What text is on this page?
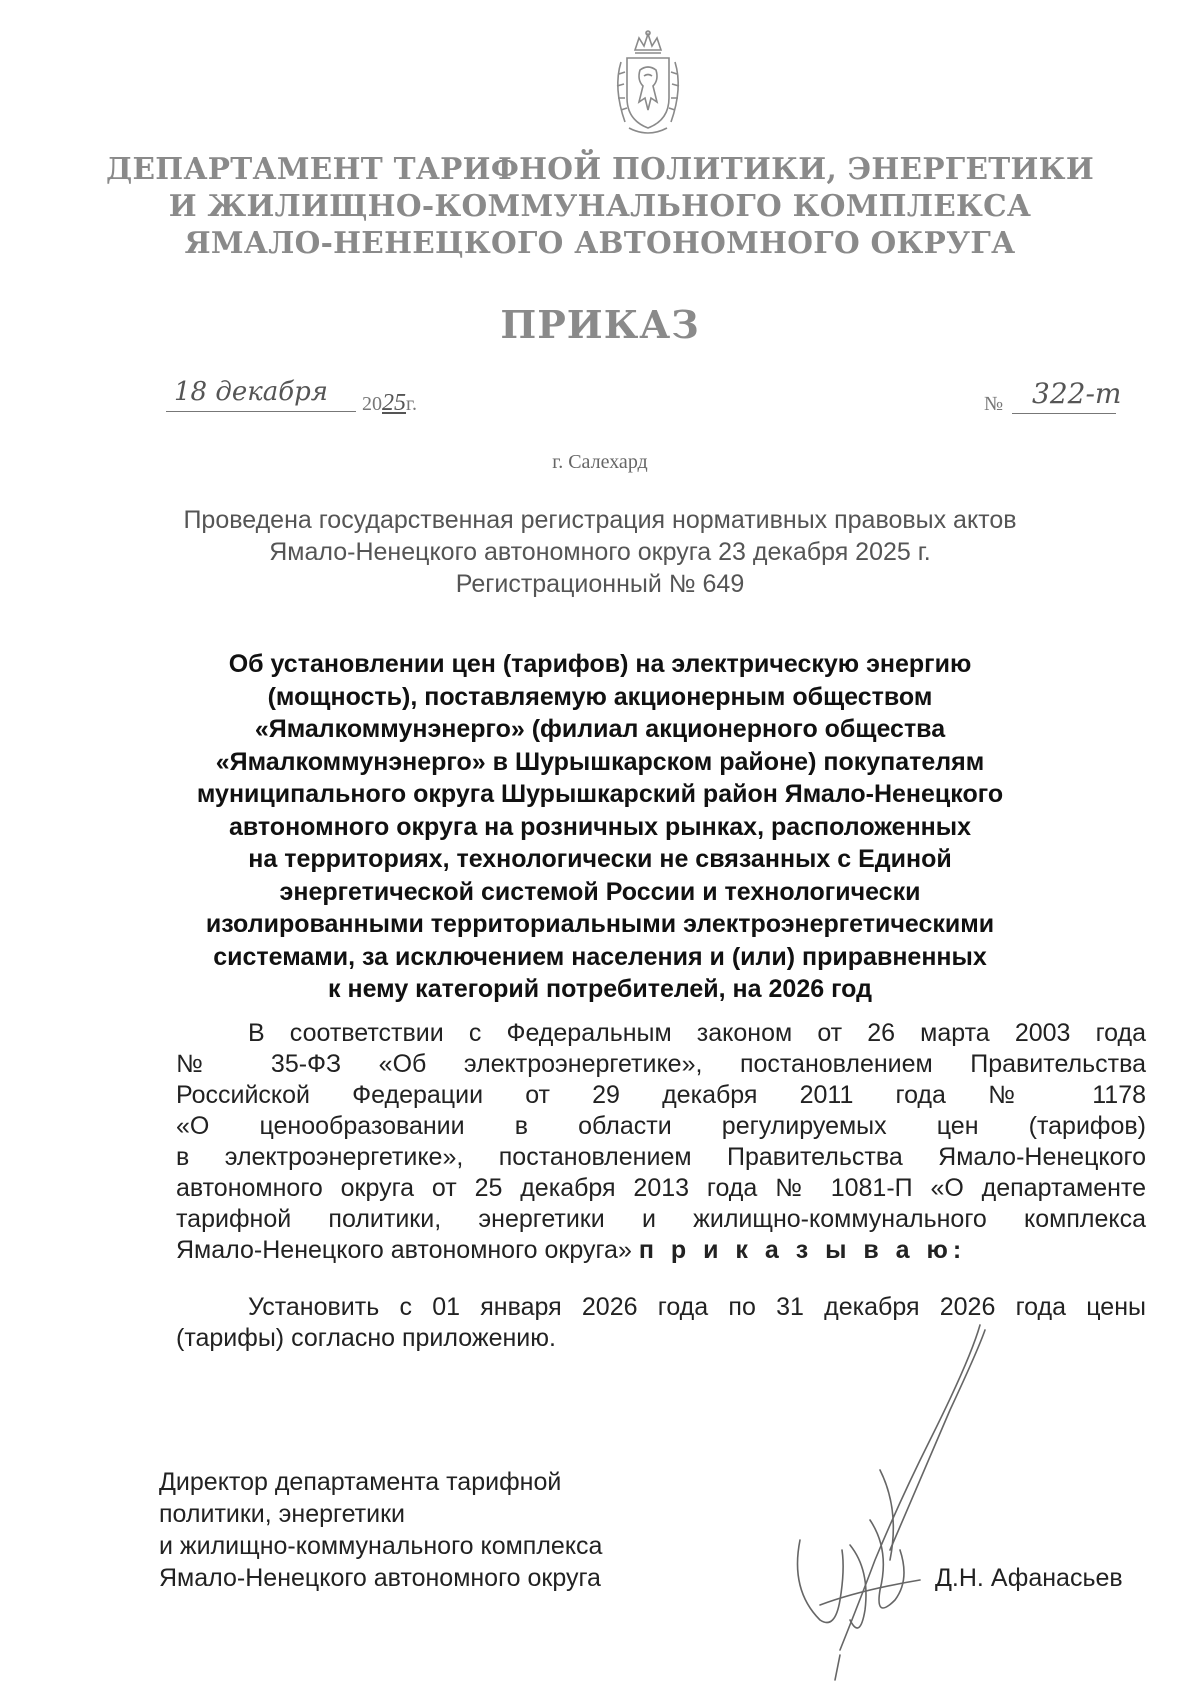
ДЕПАРТАМЕНТ ТАРИФНОЙ ПОЛИТИКИ, ЭНЕРГЕТИКИ
И ЖИЛИЩНО-КОММУНАЛЬНОГО КОМПЛЕКСА
ЯМАЛО-НЕНЕЦКОГО АВТОНОМНОГО ОКРУГА
ПРИКАЗ
18 декабря 2025г.	№ 322-т
г. Салехард
Проведена государственная регистрация нормативных правовых актов
Ямало-Ненецкого автономного округа 23 декабря 2025 г.
Регистрационный № 649
Об установлении цен (тарифов) на электрическую энергию
(мощность), поставляемую акционерным обществом
«Ямалкоммунэнерго» (филиал акционерного общества
«Ямалкоммунэнерго» в Шурышкарском районе) покупателям
муниципального округа Шурышкарский район Ямало-Ненецкого
автономного округа на розничных рынках, расположенных
на территориях, технологически не связанных с Единой
энергетической системой России и технологически
изолированными территориальными электроэнергетическими
системами, за исключением населения и (или) приравненных
к нему категорий потребителей, на 2026 год
В соответствии с Федеральным законом от 26 марта 2003 года
№ 35-ФЗ «Об электроэнергетике», постановлением Правительства
Российской Федерации от 29 декабря 2011 года № 1178
«О ценообразовании в области регулируемых цен (тарифов)
в электроэнергетике», постановлением Правительства Ямало-Ненецкого
автономного округа от 25 декабря 2013 года № 1081-П «О департаменте
тарифной политики, энергетики и жилищно-коммунального комплекса
Ямало-Ненецкого автономного округа» п р и к а з ы в а ю:
Установить с 01 января 2026 года по 31 декабря 2026 года цены
(тарифы) согласно приложению.
Директор департамента тарифной
политики, энергетики
и жилищно-коммунального комплекса
Ямало-Ненецкого автономного округа	Д.Н. Афанасьев
